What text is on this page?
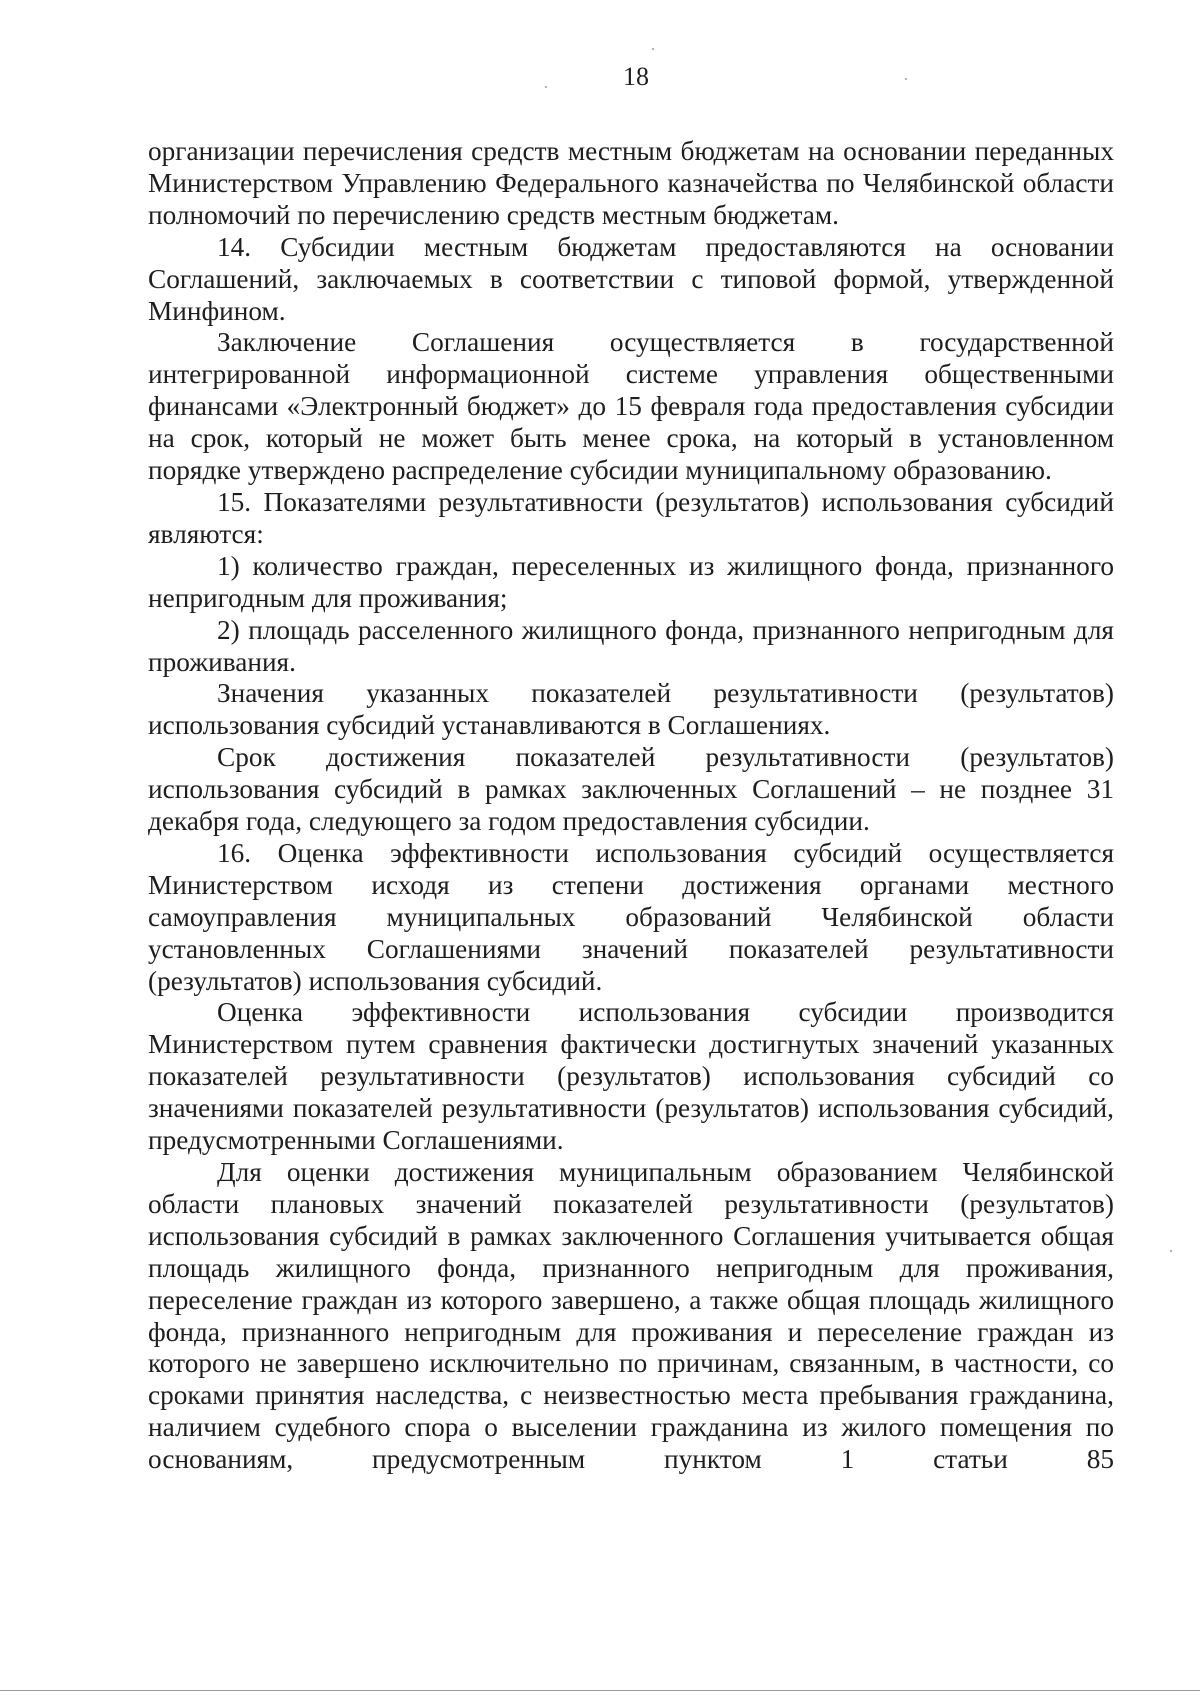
18

организации перечисления средств местным бюджетам на основании переданных Министерством Управлению Федерального казначейства по Челябинской области полномочий по перечислению средств местным бюджетам.

14. Субсидии местным бюджетам предоставляются на основании Соглашений, заключаемых в соответствии с типовой формой, утвержденной Минфином.

Заключение Соглашения осуществляется в государственной интегрированной информационной системе управления общественными финансами «Электронный бюджет» до 15 февраля года предоставления субсидии на срок, который не может быть менее срока, на который в установленном порядке утверждено распределение субсидии муниципальному образованию.

15. Показателями результативности (результатов) использования субсидий являются:

1) количество граждан, переселенных из жилищного фонда, признанного непригодным для проживания;

2) площадь расселенного жилищного фонда, признанного непригодным для проживания.

Значения указанных показателей результативности (результатов) использования субсидий устанавливаются в Соглашениях.

Срок достижения показателей результативности (результатов) использования субсидий в рамках заключенных Соглашений – не позднее 31 декабря года, следующего за годом предоставления субсидии.

16. Оценка эффективности использования субсидий осуществляется Министерством исходя из степени достижения органами местного самоуправления муниципальных образований Челябинской области установленных Соглашениями значений показателей результативности (результатов) использования субсидий.

Оценка эффективности использования субсидии производится Министерством путем сравнения фактически достигнутых значений указанных показателей результативности (результатов) использования субсидий со значениями показателей результативности (результатов) использования субсидий, предусмотренными Соглашениями.

Для оценки достижения муниципальным образованием Челябинской области плановых значений показателей результативности (результатов) использования субсидий в рамках заключенного Соглашения учитывается общая площадь жилищного фонда, признанного непригодным для проживания, переселение граждан из которого завершено, а также общая площадь жилищного фонда, признанного непригодным для проживания и переселение граждан из которого не завершено исключительно по причинам, связанным, в частности, со сроками принятия наследства, с неизвестностью места пребывания гражданина, наличием судебного спора о выселении гражданина из жилого помещения по основаниям, предусмотренным пунктом 1 статьи 85
